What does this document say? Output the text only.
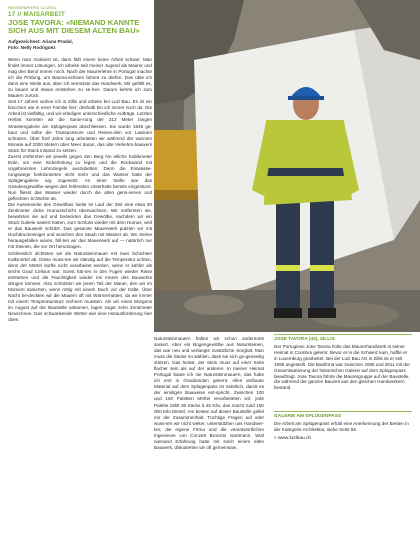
HEISSPAPIERE 12/2011
17 // MAISARBEIT
JOSE TAVORA: «NIEMAND KANNTE SICH AUS MIT DIESEM ALTEN BAU»
Aufgezeichnet: Ariana Pradal,
Foto: Nelly Rodriguez

Wenn man motiviert ist, dann fällt einem keine Arbeit schwer. Man findet immer Lösungen. Ich arbeite seit meiner Jugend als Maurer und mag den Beruf immer noch. Nach der Maurerlehre in Portugal machte ich die Prüfung, um Bauma-schinen fahren zu dürfen. Das übte ich dann eine Weile aus, aber ich vermisste das Handwerk. Mir gefällt es, zu bauen und etwas entstehen zu se-hen. Darum kehrte ich zum Mauern zurück.

Seit 17 Jahren wohne ich in Zillis und arbeite bei Luzi Bau. Es ist ein biscchen wie in einer Familie hier; deshalb bin ich immer noch da. Die Arbeit ist vielfältig, und wir erledigen unterschiedliche Aufträge. Letzten Herbst konnten wir die Sanie-rung der 312 Meter langen Strassengalerie am Splügenpass abschliessen. Sie wurde 1846 ge-baut und sollte die Transporteure und Reisen-den vor Lawinen schützen. Über fünf Jahre lang arbeiteten wir während der warmen Monate auf 2000 Metern über Meer daran, das alte Verkehrs-bauwerk Stück für Stück instand zu setzen.

Zuerst entfernten wir jeweils gegen den Berg hin etliche Kubikmeter Erde, um eine Sickerleitung zu legen und die Rückwand mit ungebrannten Lehmziegeln auszubetten. Denn die Entwässe-rungswege funktionierten nicht mehr und das Wasser hatte der Splügengalerie arg zugesetzt. An einer Stelle war das Gesokengewölbe wegen des fehlenden Unterhalts bereits eingestürzt. Nun fliesst das Wasser wieder durch die alten geris-senen und gefleckten Schächte ab.

Die Aussenseite des Gewölbes hielte im Lauf der Zeit eine etwa 30 Zentimeter dicke Humusschicht überwachsen. Wir entfernten sie, bewahrten sie auf und bedeckten das Gewölbe, nachdem wir ein Stück Galerie saniert hatten, zum Schluss wieder mit dem Humus, weil er das Bauwerk schützt. Das gesamte Mauerwerk putzten wir mit Hochdruckreiniger und wuschen den Staub mit Wasser ab. Wo Steine herausgefallen waren, füll-ten wir das Mauerwerk auf — natürlich nur mit Steinen, die vor Ort herumlagen.

Schliesslich dichteten wir die Natursteinmauer mit zwei Schichten Kalkmörtel ab. Diese muss-ten wir ständig auf die Temperatur achten, denn der Mörtel durfte nicht verarbeitet werden, wenn er kühler als sechs Grad Celsius war. Sonst hät-ten in den Fugen wieder Risse entstehen und die Feuchtigkeit wieder ins Innere des Bauwerks dringen können. Also schützten wir jenen Teil der Mauer, den wir im Moment sanierten, wenn nötig mit einem Dach vor der Kälte. Über Nacht be-deckten wir die Mauern oft mit Wärmematten, da wir immer mit einem Temperatursturz rechnen mussten. Als wir eines Morgens im August auf der Baustelle ankamen, lagen sogar zehn Zentimeter Neuschnee. Das schwankende Wetter war eine Herausforderung hier oben.

Natursteinmauern halten wir schon andernorts saniert. Aber ein Bogengewölbe aus Natursteinen, das war neu und verlangte zusätzliche Sorgfalt. Man muss die Steine so wählen, dass sie sich ge-genseitig stützen. Das heisst, der Stein muss auf einer Seite flacher sein als auf der anderen. In meiner Heimat Portugal baute ich nie Natursteinmauern, das habe ich erst in Graubünden gelernt. Alles verbaute Material auf dem Splügenpass ist natürlich, damit es der einstigen Bauweise ent-spricht. Zwischen 100 und 150 Paletten Mörtel verarbeiteten wir; jede Palette zählt 36 Säcke à 45 Kilo, das macht rund 150 000 Kilo Mörtel. Am besten auf dieser Baustelle gefiel mir der Zusammenhalt. Tüchtige Fragen auf oder wuss-ten wir nicht weiter, unterstützten uns Handwer-ker, die eigene Firma und die verantwortlichen Ingenieure von Conzett Bronzini Gartmann. Weil niemand Erfahrung hatte mit solch einem alten Bauwerk, diskutierten wir oft gemeinsam.

JOSE TAVORA (40), ZILLIS
Der Portugiese Jose Tavora holte das Maurerhandwerk in seiner Heimat in Coimbra gelernt. Bevor er in die Schweiz kam, haffte er in Luxemburg gearbeitet. Bei der Luzi Bau AG in Zillis ist er seit 1995 angestellt. Die Baufirma war zwischen 2005 und 2011 mit der Gesamtsanierung der historischen Galerie auf dem Splügenpass beauftragt. Jose Tavora führte die Maurergruppe auf der Baustelle, die während der ganzen Bauzeit aus den gleichen Handwerkern bestand.
GALERIE AM SPLÜGENPASS
Die Arbeit am Splügenpass erhält eine Anerkennung der Besten in der Kategorie Architektur, siehe Seite 58.
» www.luzibau.ch
